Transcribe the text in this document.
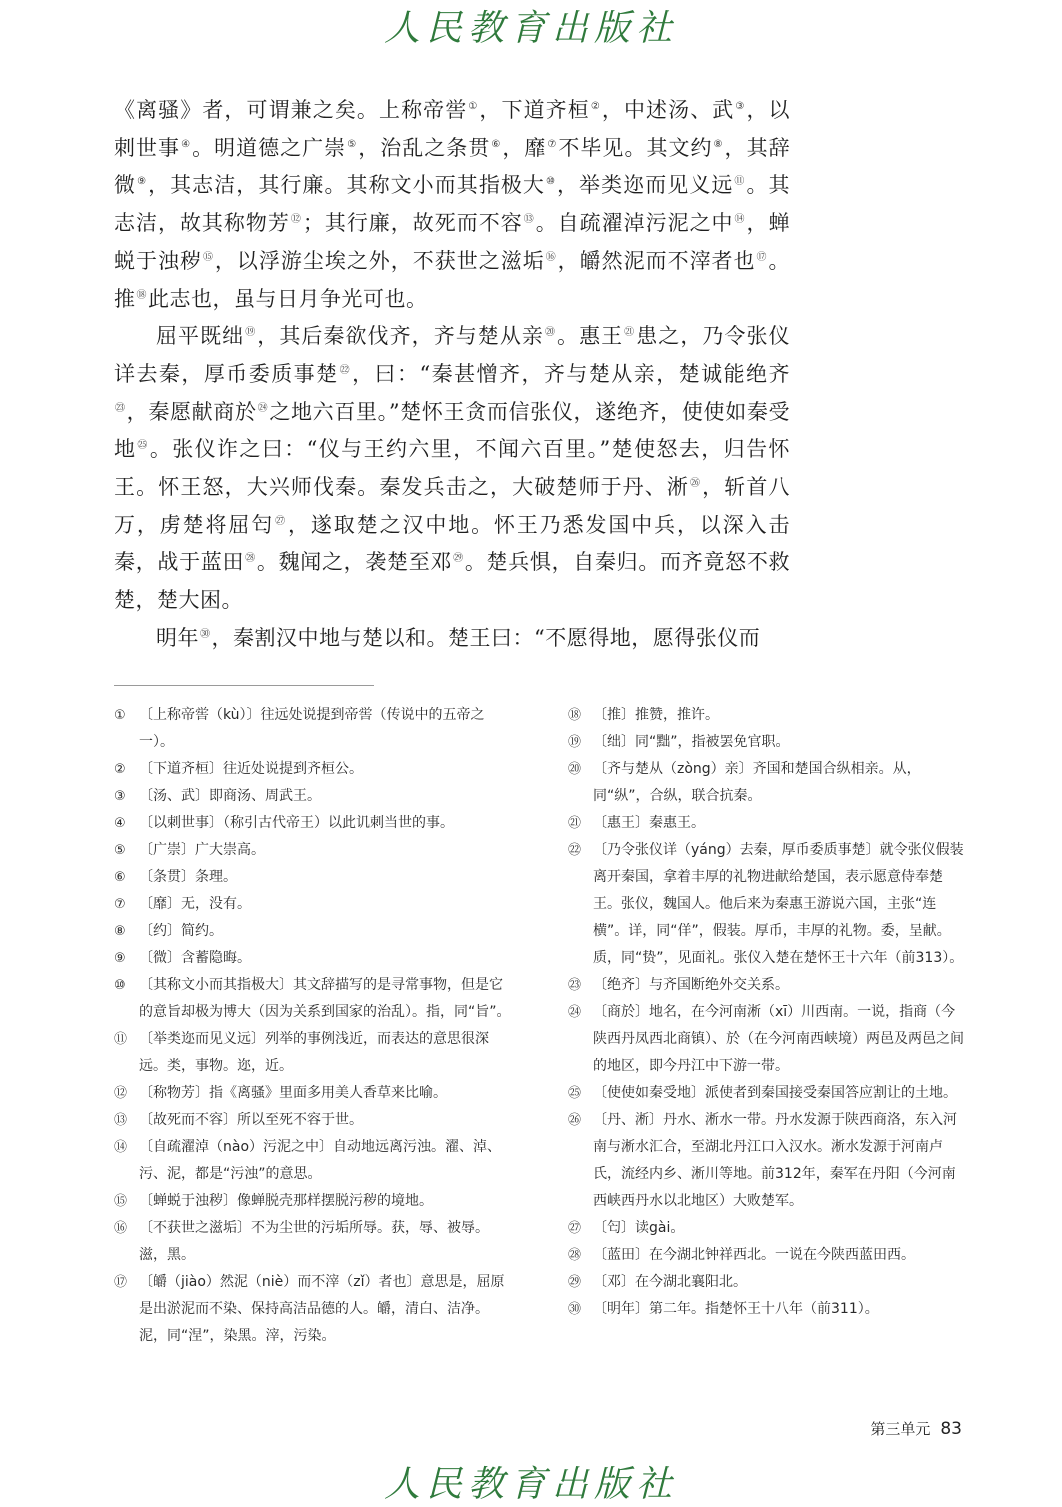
人民教育出版社

《离骚》者，可谓兼之矣。上称帝喾①，下道齐桓②，中述汤、武③，以刺世事④。明道德之广崇⑤，治乱之条贯⑥，靡⑦不毕见。其文约⑧，其辞微⑨，其志洁，其行廉。其称文小而其指极大⑩，举类迩而见义远⑪。其志洁，故其称物芳⑫；其行廉，故死而不容⑬。自疏濯淖污泥之中⑭，蝉蜕于浊秽⑮，以浮游尘埃之外，不获世之滋垢⑯，皭然泥而不滓者也⑰。推⑱此志也，虽与日月争光可也。

屈平既绌⑲，其后秦欲伐齐，齐与楚从亲⑳。惠王$^㉑$患之，乃令张仪详去秦，厚币委质事楚$^㉒$，曰：“秦甚憎齐，齐与楚从亲，楚诚能绝齐$^㉓$，秦愿献商於$^㉔$之地六百里。”楚怀王贪而信张仪，遂绝齐，使使如秦受地$^㉕$。张仪诈之曰：“仪与王约六里，不闻六百里。”楚使怒去，归告怀王。怀王怒，大兴师伐秦。秦发兵击之，大破楚师于丹、淅$^㉖$，斩首八万，虏楚将屈匄$^㉗$，遂取楚之汉中地。怀王乃悉发国中兵，以深入击秦，战于蓝田$^㉘$。魏闻之，袭楚至邓$^㉙$。楚兵惧，自秦归。而齐竟怒不救楚，楚大困。

明年$^㉚$，秦割汉中地与楚以和。楚王曰：“不愿得地，愿得张仪而

① 〔上称帝喾（kù）〕往远处说提到帝喾（传说中的五帝之一）。
② 〔下道齐桓〕往近处说提到齐桓公。
③ 〔汤、武〕即商汤、周武王。
④ 〔以刺世事〕（称引古代帝王）以此讥刺当世的事。
⑤ 〔广崇〕广大崇高。
⑥ 〔条贯〕条理。
⑦ 〔靡〕无，没有。
⑧ 〔约〕简约。
⑨ 〔微〕含蓄隐晦。
⑩ 〔其称文小而其指极大〕其文辞描写的是寻常事物，但是它的意旨却极为博大（因为关系到国家的治乱）。指，同“旨”。
⑪ 〔举类迩而见义远〕列举的事例浅近，而表达的意思很深远。类，事物。迩，近。
⑫ 〔称物芳〕指《离骚》里面多用美人香草来比喻。
⑬ 〔故死而不容〕所以至死不容于世。
⑭ 〔自疏濯淖（nào）污泥之中〕自动地远离污浊。濯、淖、污、泥，都是“污浊”的意思。
⑮ 〔蝉蜕于浊秽〕像蝉脱壳那样摆脱污秽的境地。
⑯ 〔不获世之滋垢〕不为尘世的污垢所辱。获，辱、被辱。滋，黑。
⑰ 〔皭（jiào）然泥（niè）而不滓（zǐ）者也〕意思是，屈原是出淤泥而不染、保持高洁品德的人。皭，清白、洁净。泥，同“涅”，染黑。滓，污染。
⑱ 〔推〕推赞，推许。
⑲ 〔绌〕同“黜”，指被罢免官职。
⑳ 〔齐与楚从（zòng）亲〕齐国和楚国合纵相亲。从，同“纵”，合纵，联合抗秦。
㉑ 〔惠王〕秦惠王。
㉒ 〔乃令张仪详（yáng）去秦，厚币委质事楚〕就令张仪假装离开秦国，拿着丰厚的礼物进献给楚国，表示愿意侍奉楚王。张仪，魏国人。他后来为秦惠王游说六国，主张“连横”。详，同“佯”，假装。厚币，丰厚的礼物。委，呈献。质，同“贽”，见面礼。张仪入楚在楚怀王十六年（前313）。
㉓ 〔绝齐〕与齐国断绝外交关系。
㉔ 〔商於〕地名，在今河南淅（xī）川西南。一说，指商（今陕西丹凤西北商镇）、於（在今河南西峡境）两邑及两邑之间的地区，即今丹江中下游一带。
㉕ 〔使使如秦受地〕派使者到秦国接受秦国答应割让的土地。
㉖ 〔丹、淅〕丹水、淅水一带。丹水发源于陕西商洛，东入河南与淅水汇合，至湖北丹江口入汉水。淅水发源于河南卢氏，流经内乡、淅川等地。前312年，秦军在丹阳（今河南西峡西丹水以北地区）大败楚军。
㉗ 〔匄〕读gài。
㉘ 〔蓝田〕在今湖北钟祥西北。一说在今陕西蓝田西。
㉙ 〔邓〕在今湖北襄阳北。
㉚ 〔明年〕第二年。指楚怀王十八年（前311）。
第三单元 83
人民教育出版社
